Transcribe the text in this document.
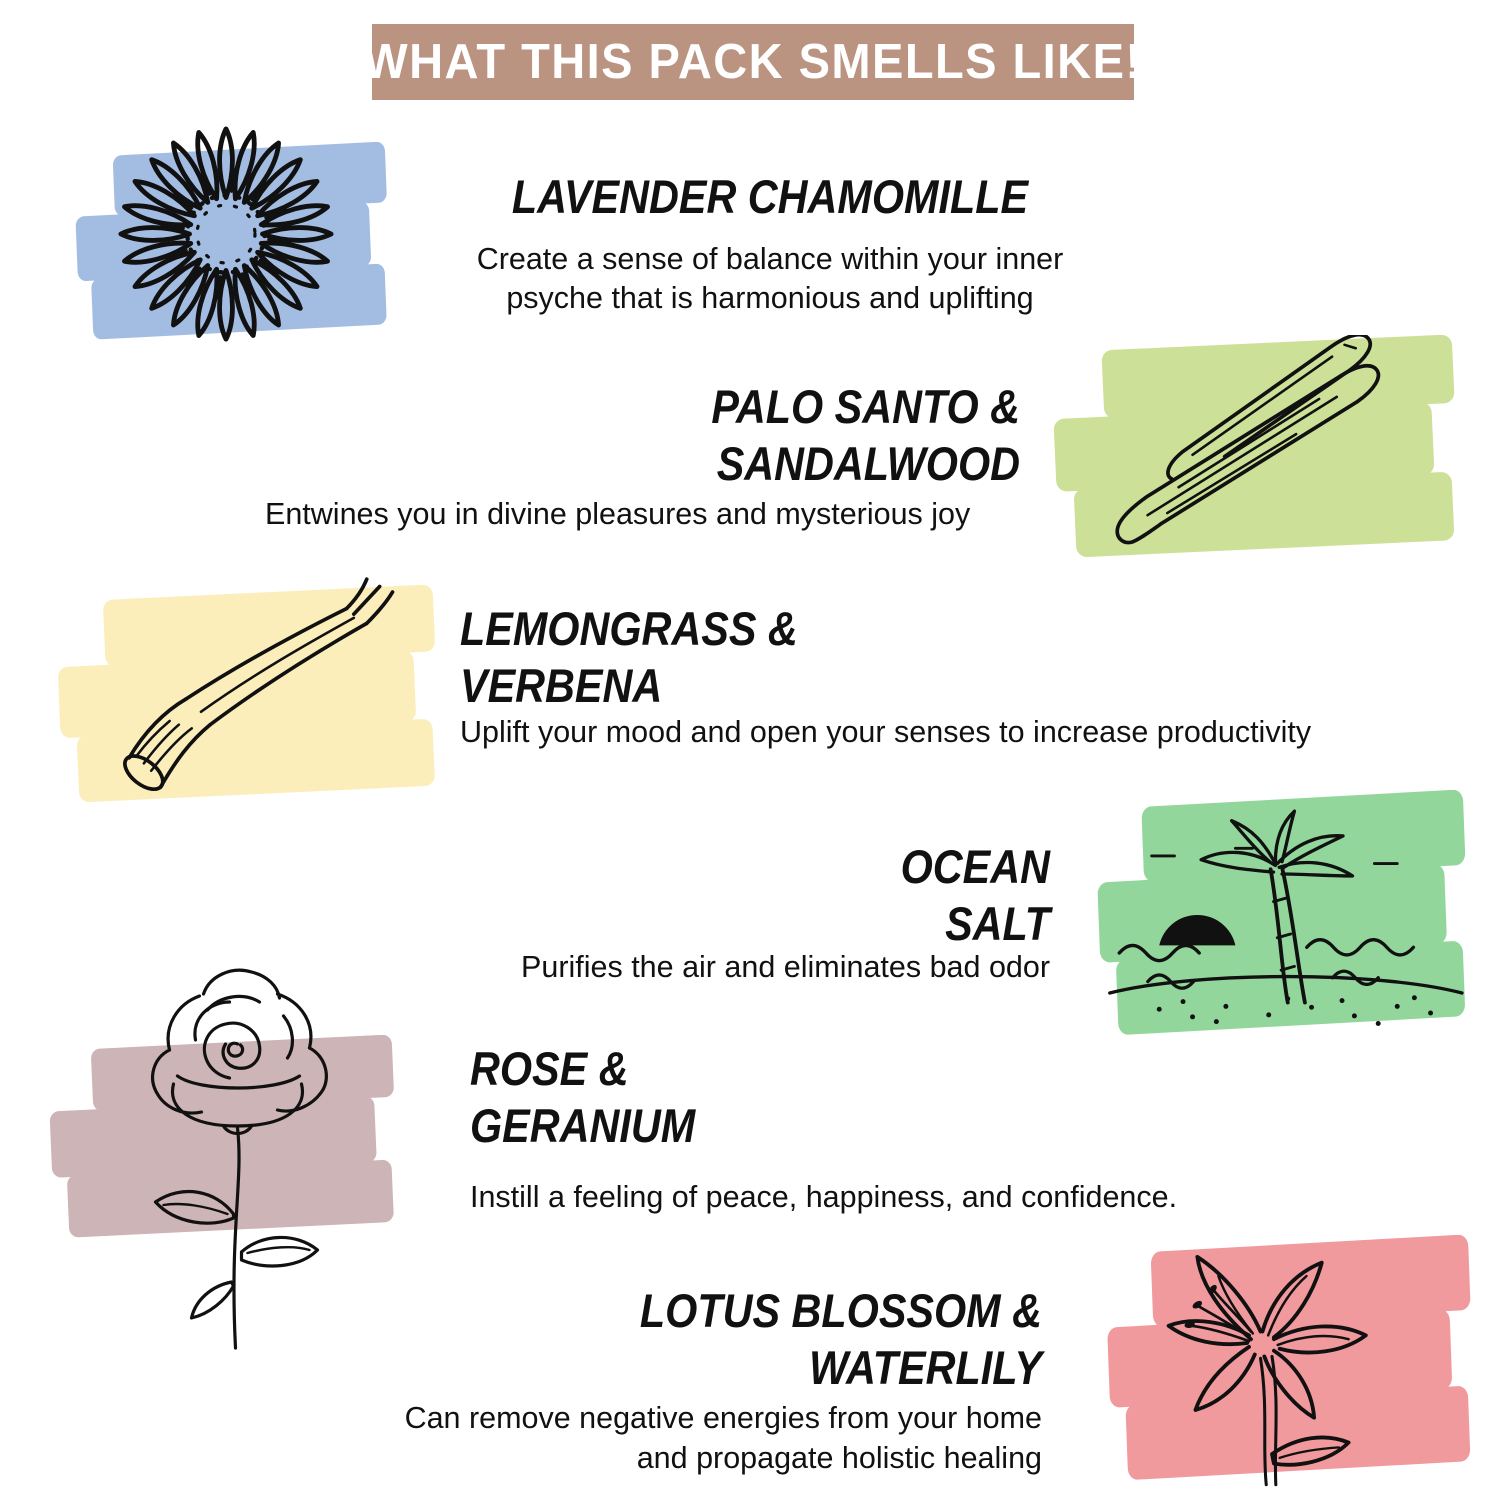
WHAT THIS PACK SMELLS LIKE!
LAVENDER CHAMOMILLE
Create a sense of balance within your inner
psyche that is harmonious and uplifting
PALO SANTO &
SANDALWOOD
Entwines you in divine pleasures and mysterious joy
LEMONGRASS &
VERBENA
Uplift your mood and open your senses to increase productivity
OCEAN
SALT
Purifies the air and eliminates bad odor
ROSE &
GERANIUM
Instill a feeling of peace, happiness, and confidence.
LOTUS BLOSSOM &
WATERLILY
Can remove negative energies from your home
and propagate holistic healing
